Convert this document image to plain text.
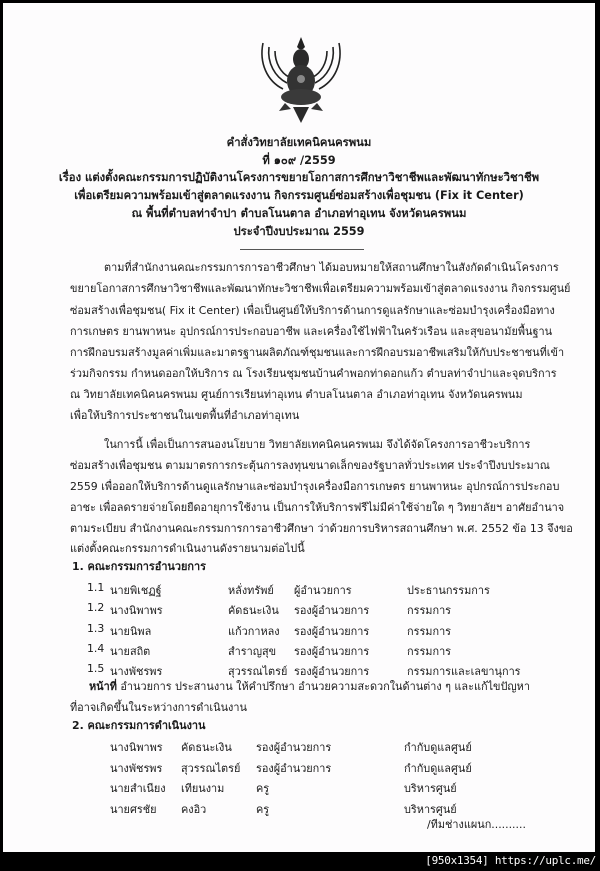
คำสั่งวิทยาลัยเทคนิคนครพนม
ที่ ๑๐๙ /2559
เรื่อง แต่งตั้งคณะกรรมการปฏิบัติงานโครงการขยายโอกาสการศึกษาวิชาชีพและพัฒนาทักษะวิชาชีพ
เพื่อเตรียมความพร้อมเข้าสู่ตลาดแรงงาน กิจกรรมศูนย์ซ่อมสร้างเพื่อชุมชน (Fix it Center)
ณ พื้นที่ตำบลท่าจำปา ตำบลโนนตาล อำเภอท่าอุเทน จังหวัดนครพนม
ประจำปีงบประมาณ 2559
ตามที่สำนักงานคณะกรรมการการอาชีวศึกษา ได้มอบหมายให้สถานศึกษาในสังกัดดำเนินโครงการ
ขยายโอกาสการศึกษาวิชาชีพและพัฒนาทักษะวิชาชีพเพื่อเตรียมความพร้อมเข้าสู่ตลาดแรงงาน กิจกรรมศูนย์
ซ่อมสร้างเพื่อชุมชน( Fix it Center) เพื่อเป็นศูนย์ให้บริการด้านการดูแลรักษาและซ่อมบำรุงเครื่องมือทาง
การเกษตร ยานพาหนะ อุปกรณ์การประกอบอาชีพ และเครื่องใช้ไฟฟ้าในครัวเรือน และสุขอนามัยพื้นฐาน
การฝึกอบรมสร้างมูลค่าเพิ่มและมาตรฐานผลิตภัณฑ์ชุมชนและการฝึกอบรมอาชีพเสริมให้กับประชาชนที่เข้า
ร่วมกิจกรรม กำหนดออกให้บริการ ณ โรงเรียนชุมชนบ้านคำพอกท่าดอกแก้ว ตำบลท่าจำปาและจุดบริการ
ณ วิทยาลัยเทคนิคนครพนม ศูนย์การเรียนท่าอุเทน ตำบลโนนตาล อำเภอท่าอุเทน จังหวัดนครพนม
เพื่อให้บริการประชาชนในเขตพื้นที่อำเภอท่าอุเทน
ในการนี้ เพื่อเป็นการสนองนโยบาย วิทยาลัยเทคนิคนครพนม จึงได้จัดโครงการอาชีวะบริการ
ซ่อมสร้างเพื่อชุมชน ตามมาตรการกระตุ้นการลงทุนขนาดเล็กของรัฐบาลทั่วประเทศ ประจำปีงบประมาณ
2559 เพื่อออกให้บริการด้านดูแลรักษาและซ่อมบำรุงเครื่องมือการเกษตร ยานพาหนะ อุปกรณ์การประกอบ
อาชะ เพื่อลดรายจ่ายโดยยืดอายุการใช้งาน เป็นการให้บริการฟรีไม่มีค่าใช้จ่ายใด ๆ วิทยาลัยฯ อาศัยอำนาจ
ตามระเบียบ สำนักงานคณะกรรมการการอาชีวศึกษา ว่าด้วยการบริหารสถานศึกษา พ.ศ. 2552 ข้อ 13 จึงขอ
แต่งตั้งคณะกรรมการดำเนินงานดังรายนามต่อไปนี้
1. คณะกรรมการอำนวยการ
1.1 นายพิเชฏฐ์	หลั่งทรัพย์ ผู้อำนวยการ	ประธานกรรมการ
1.2 นางนิพาพร	คัดธนะเงิน รองผู้อำนวยการ	กรรมการ
1.3 นายนิพล	แก้วกาหลง รองผู้อำนวยการ	กรรมการ
1.4 นายสถิต	สำราญสุข รองผู้อำนวยการ	กรรมการ
1.5 นางพัชรพร	สุวรรณไตรย์ รองผู้อำนวยการ	กรรมการและเลขานุการ
หน้าที่ อำนวยการ ประสานงาน ให้คำปรึกษา อำนวยความสะดวกในด้านต่าง ๆ และแก้ไขปัญหา
ที่อาจเกิดขึ้นในระหว่างการดำเนินงาน
2. คณะกรรมการดำเนินงาน
นางนิพาพร คัดธนะเงิน รองผู้อำนวยการ	กำกับดูแลศูนย์
นางพัชรพร สุวรรณไตรย์ รองผู้อำนวยการ	กำกับดูแลศูนย์
นายสำเนียง เทียนงาม	ครู	บริหารศูนย์
นายศรชัย คงอิว	ครู	บริหารศูนย์
/ทีมช่างแผนก..........
[950x1354] https://uplc.me/
